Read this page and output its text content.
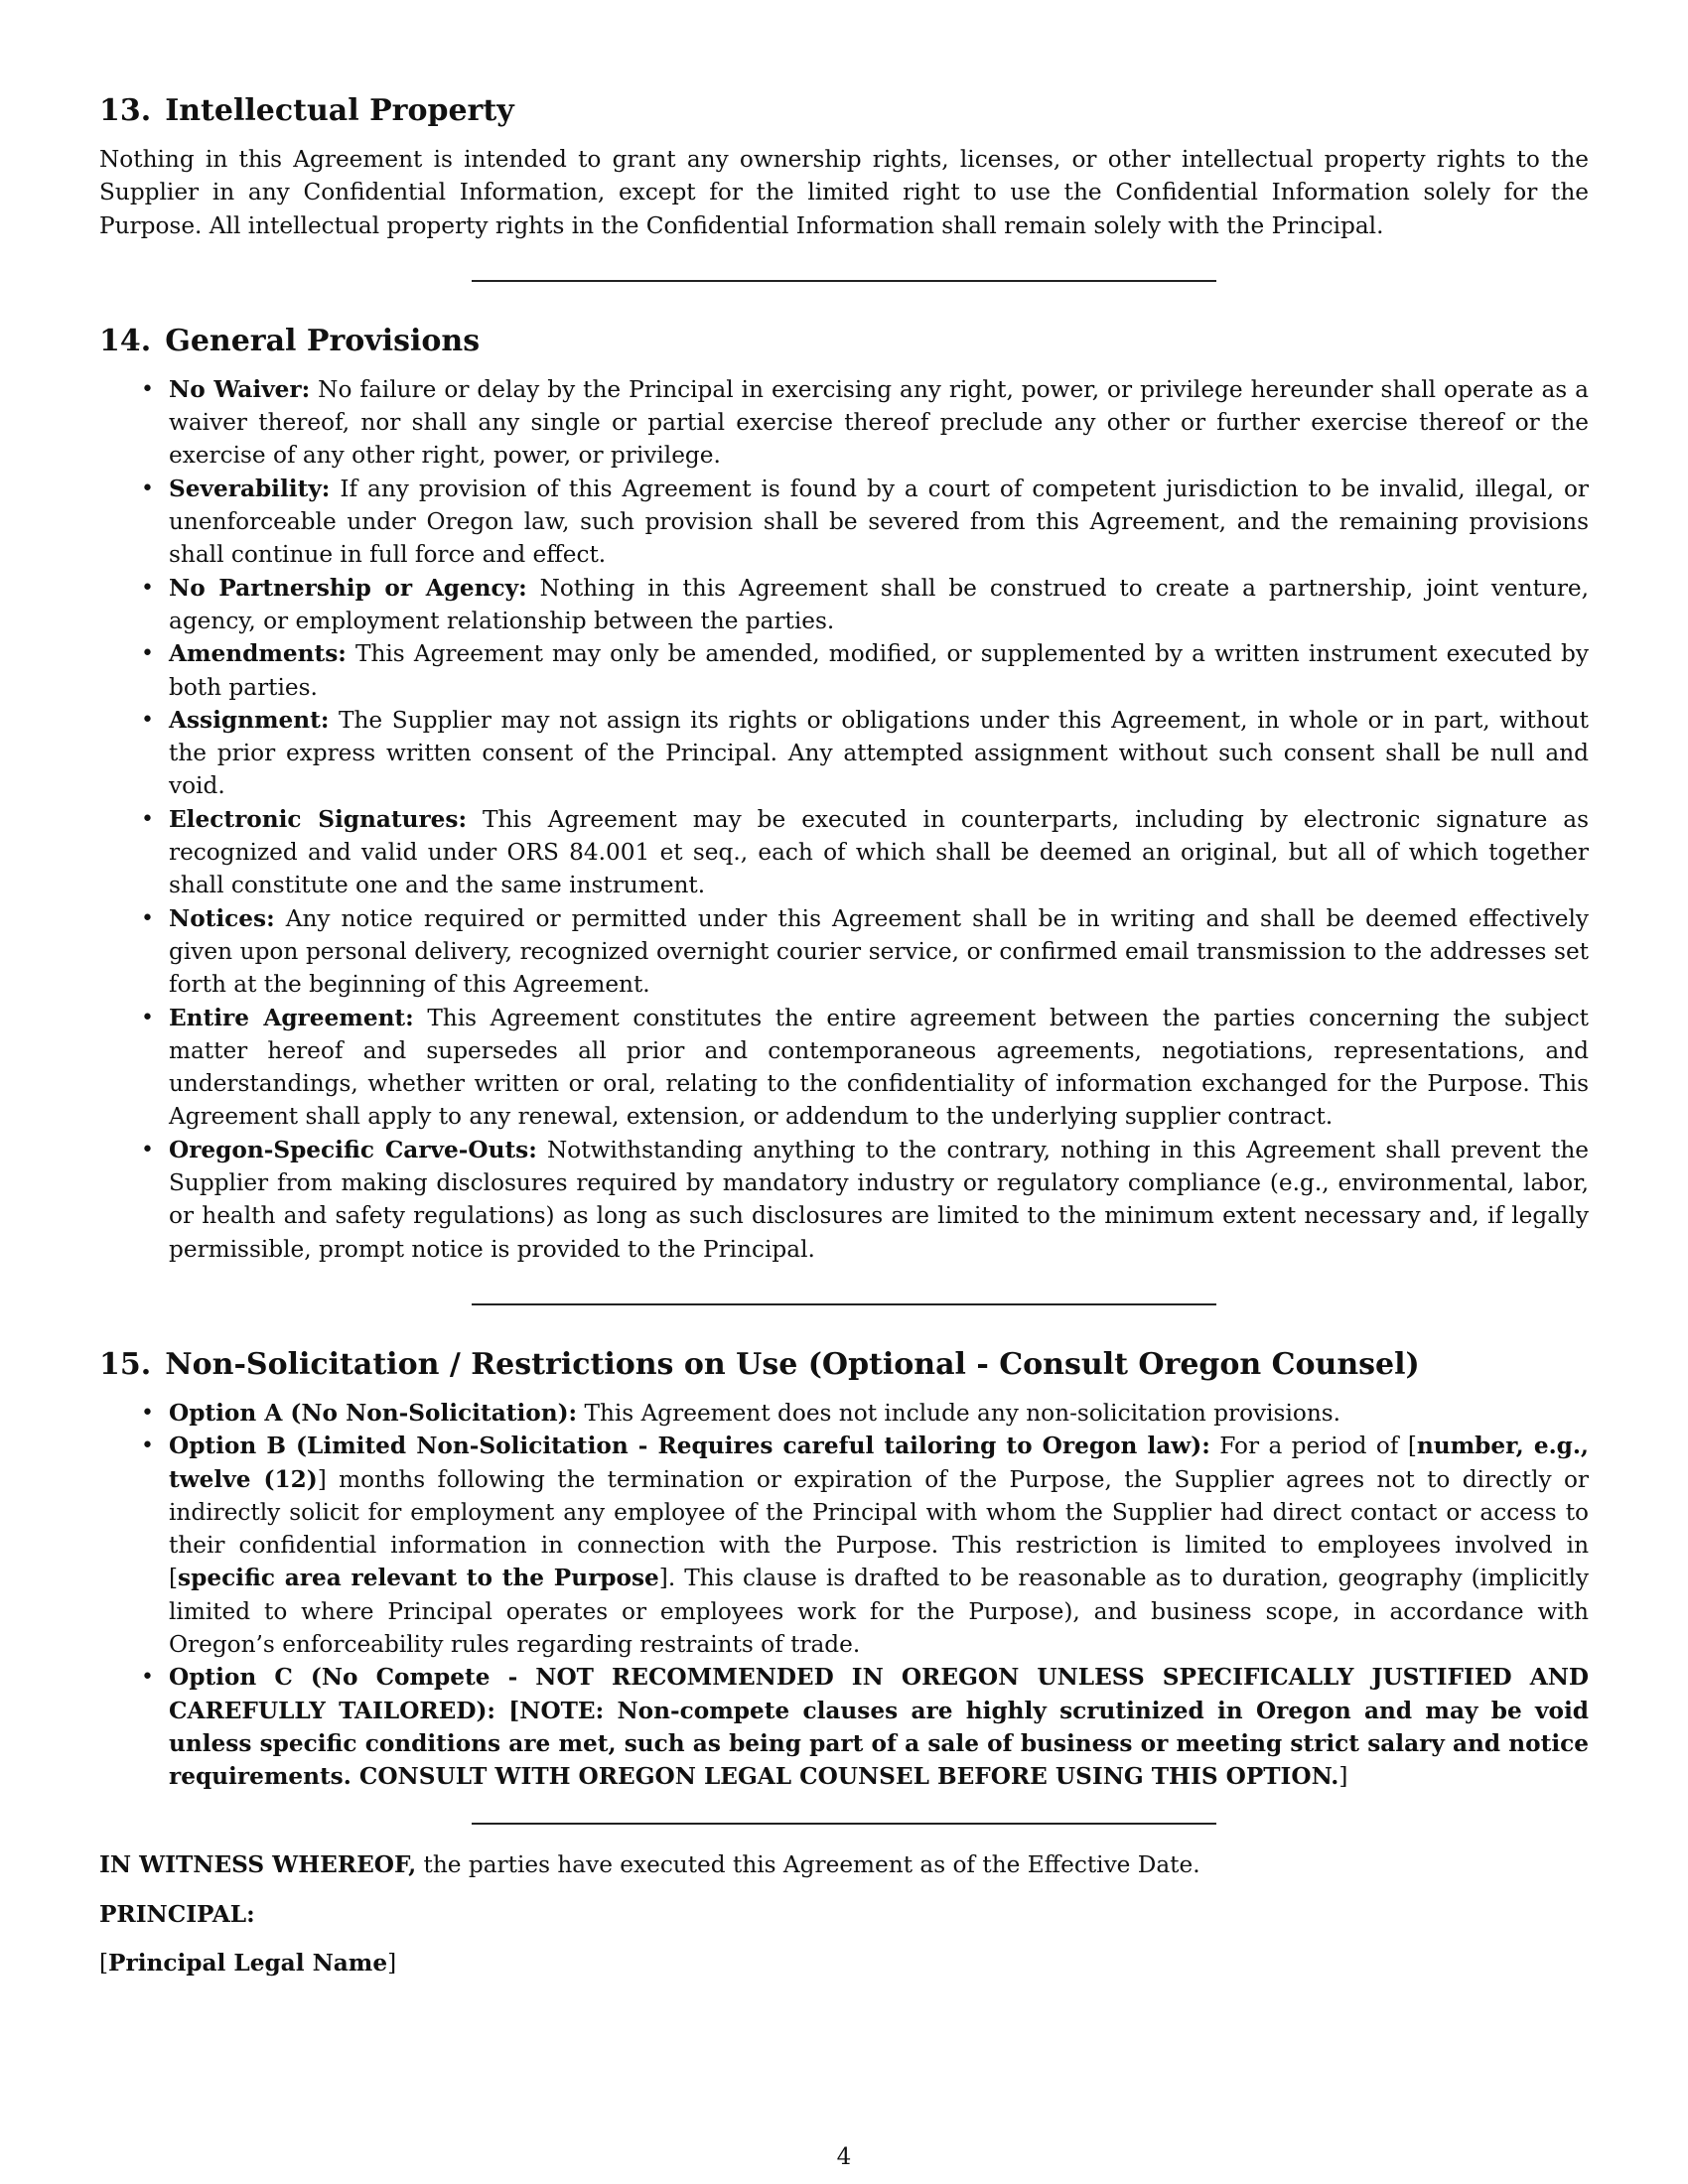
13. Intellectual Property

Nothing in this Agreement is intended to grant any ownership rights, licenses, or other intellectual property rights to the Supplier in any Confidential Information, except for the limited right to use the Confidential Information solely for the Purpose. All intellectual property rights in the Confidential Information shall remain solely with the Principal.

14. General Provisions
• No Waiver: No failure or delay by the Principal in exercising any right, power, or privilege hereunder shall operate as a waiver thereof, nor shall any single or partial exercise thereof preclude any other or further exercise thereof or the exercise of any other right, power, or privilege.
• Severability: If any provision of this Agreement is found by a court of competent jurisdiction to be invalid, illegal, or unenforceable under Oregon law, such provision shall be severed from this Agreement, and the remaining provisions shall continue in full force and effect.
• No Partnership or Agency: Nothing in this Agreement shall be construed to create a partnership, joint venture, agency, or employment relationship between the parties.
• Amendments: This Agreement may only be amended, modified, or supplemented by a written instrument executed by both parties.
• Assignment: The Supplier may not assign its rights or obligations under this Agreement, in whole or in part, without the prior express written consent of the Principal. Any attempted assignment without such consent shall be null and void.
• Electronic Signatures: This Agreement may be executed in counterparts, including by electronic signature as recognized and valid under ORS 84.001 et seq., each of which shall be deemed an original, but all of which together shall constitute one and the same instrument.
• Notices: Any notice required or permitted under this Agreement shall be in writing and shall be deemed effectively given upon personal delivery, recognized overnight courier service, or confirmed email transmission to the addresses set forth at the beginning of this Agreement.
• Entire Agreement: This Agreement constitutes the entire agreement between the parties concerning the subject matter hereof and supersedes all prior and contemporaneous agreements, negotiations, representations, and understandings, whether written or oral, relating to the confidentiality of information exchanged for the Purpose. This Agreement shall apply to any renewal, extension, or addendum to the underlying supplier contract.
• Oregon-Specific Carve-Outs: Notwithstanding anything to the contrary, nothing in this Agreement shall prevent the Supplier from making disclosures required by mandatory industry or regulatory compliance (e.g., environmental, labor, or health and safety regulations) as long as such disclosures are limited to the minimum extent necessary and, if legally permissible, prompt notice is provided to the Principal.
15. Non-Solicitation / Restrictions on Use (Optional - Consult Oregon Counsel)
• Option A (No Non-Solicitation): This Agreement does not include any non-solicitation provisions.
• Option B (Limited Non-Solicitation - Requires careful tailoring to Oregon law): For a period of [number, e.g., twelve (12)] months following the termination or expiration of the Purpose, the Supplier agrees not to directly or indirectly solicit for employment any employee of the Principal with whom the Supplier had direct contact or access to their confidential information in connection with the Purpose. This restriction is limited to employees involved in [specific area relevant to the Purpose]. This clause is drafted to be reasonable as to duration, geography (implicitly limited to where Principal operates or employees work for the Purpose), and business scope, in accordance with Oregon’s enforceability rules regarding restraints of trade.
• Option C (No Compete - NOT RECOMMENDED IN OREGON UNLESS SPECIFICALLY JUSTIFIED AND CAREFULLY TAILORED): [NOTE: Non-compete clauses are highly scrutinized in Oregon and may be void unless specific conditions are met, such as being part of a sale of business or meeting strict salary and notice requirements. CONSULT WITH OREGON LEGAL COUNSEL BEFORE USING THIS OPTION.]

IN WITNESS WHEREOF, the parties have executed this Agreement as of the Effective Date.

PRINCIPAL:

[Principal Legal Name]

4
